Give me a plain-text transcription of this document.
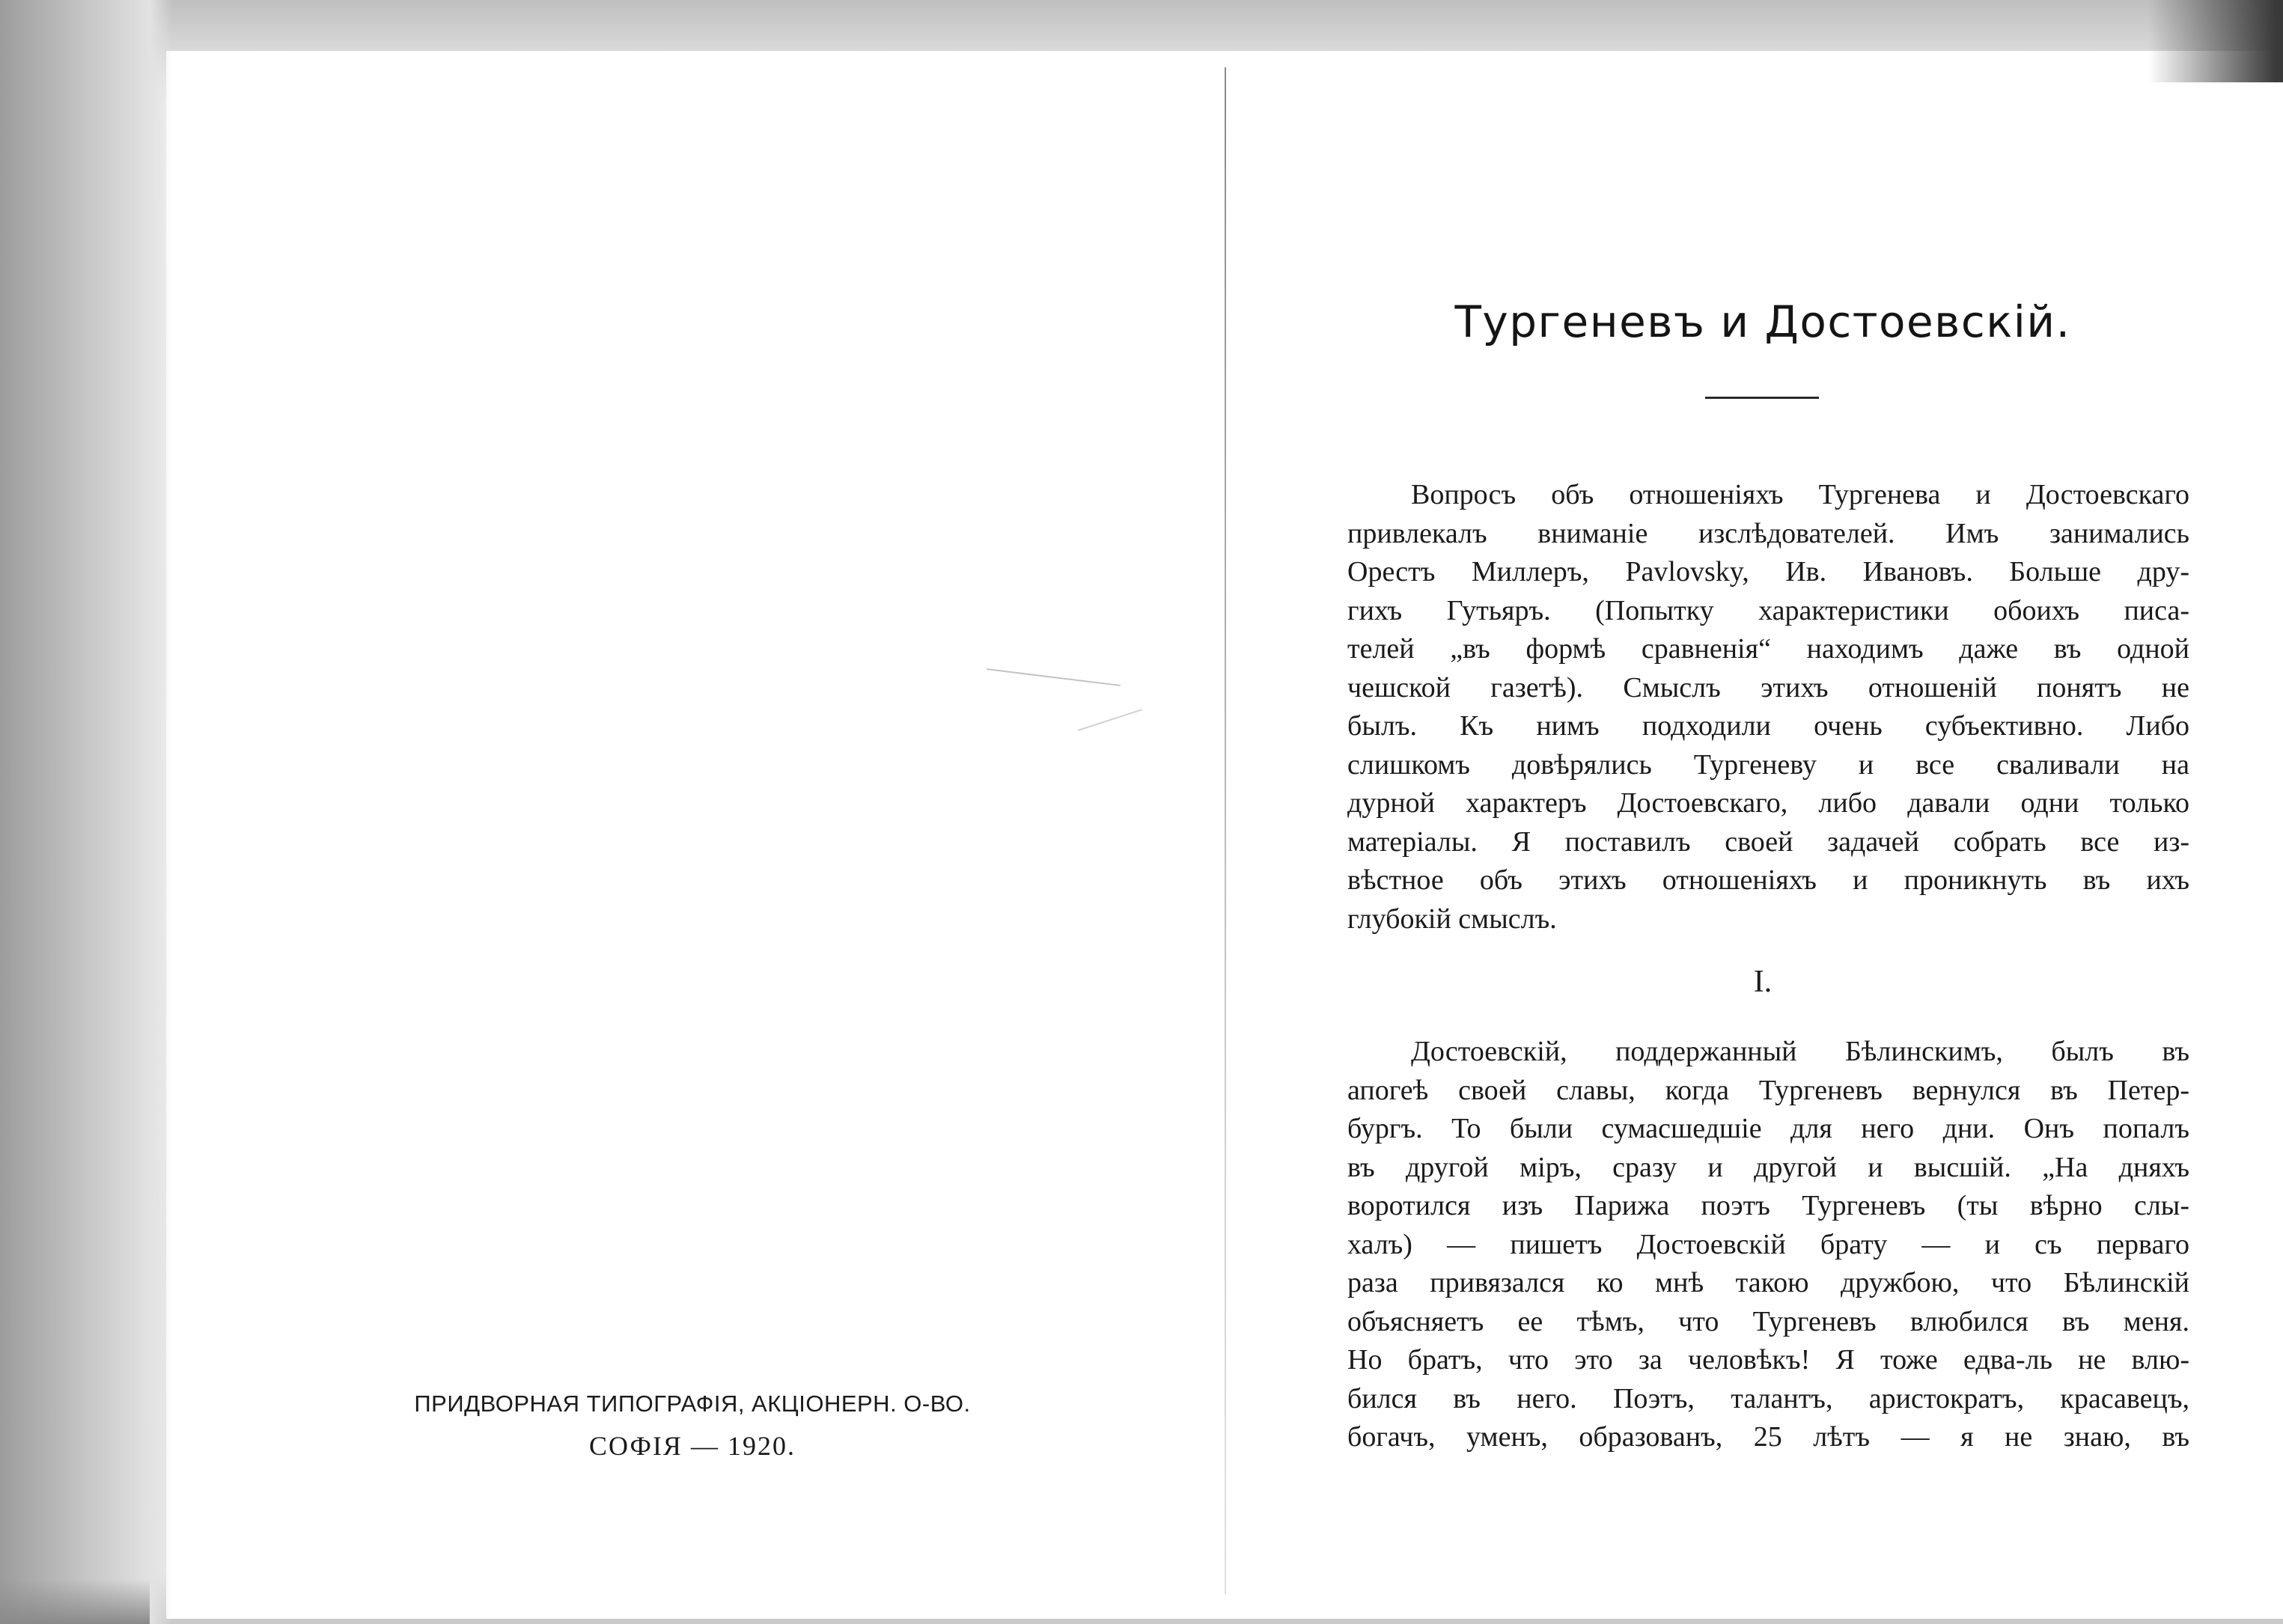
ПРИДВОРНАЯ ТИПОГРАФІЯ, АКЦІОНЕРН. О-ВО.
СОФІЯ — 1920.
Тургеневъ и Достоевскій.
Вопросъ объ отношеніяхъ Тургенева и Достоевскаго
привлекалъ вниманіе изслѣдователей. Имъ занимались
Орестъ Миллеръ, Pavlovsky, Ив. Ивановъ. Больше дру-
гихъ Гутьяръ. (Попытку характеристики обоихъ писа-
телей „въ формѣ сравненія“ находимъ даже въ одной
чешской газетѣ). Смыслъ этихъ отношеній понятъ не
былъ. Къ нимъ подходили очень субъективно. Либо
слишкомъ довѣрялись Тургеневу и все сваливали на
дурной характеръ Достоевскаго, либо давали одни только
матеріалы. Я поставилъ своей задачей собрать все из-
вѣстное объ этихъ отношеніяхъ и проникнуть въ ихъ
глубокій смыслъ.
I.
Достоевскій, поддержанный Бѣлинскимъ, былъ въ
апогеѣ своей славы, когда Тургеневъ вернулся въ Петер-
бургъ. То были сумасшедшіе для него дни. Онъ попалъ
въ другой міръ, сразу и другой и высшій. „На дняхъ
воротился изъ Парижа поэтъ Тургеневъ (ты вѣрно слы-
халъ) — пишетъ Достоевскій брату — и съ перваго
раза привязался ко мнѣ такою дружбою, что Бѣлинскій
объясняетъ ее тѣмъ, что Тургеневъ влюбился въ меня.
Но братъ, что это за человѣкъ! Я тоже едва-ль не влю-
бился въ него. Поэтъ, талантъ, аристократъ, красавецъ,
богачъ, уменъ, образованъ, 25 лѣтъ — я не знаю, въ
